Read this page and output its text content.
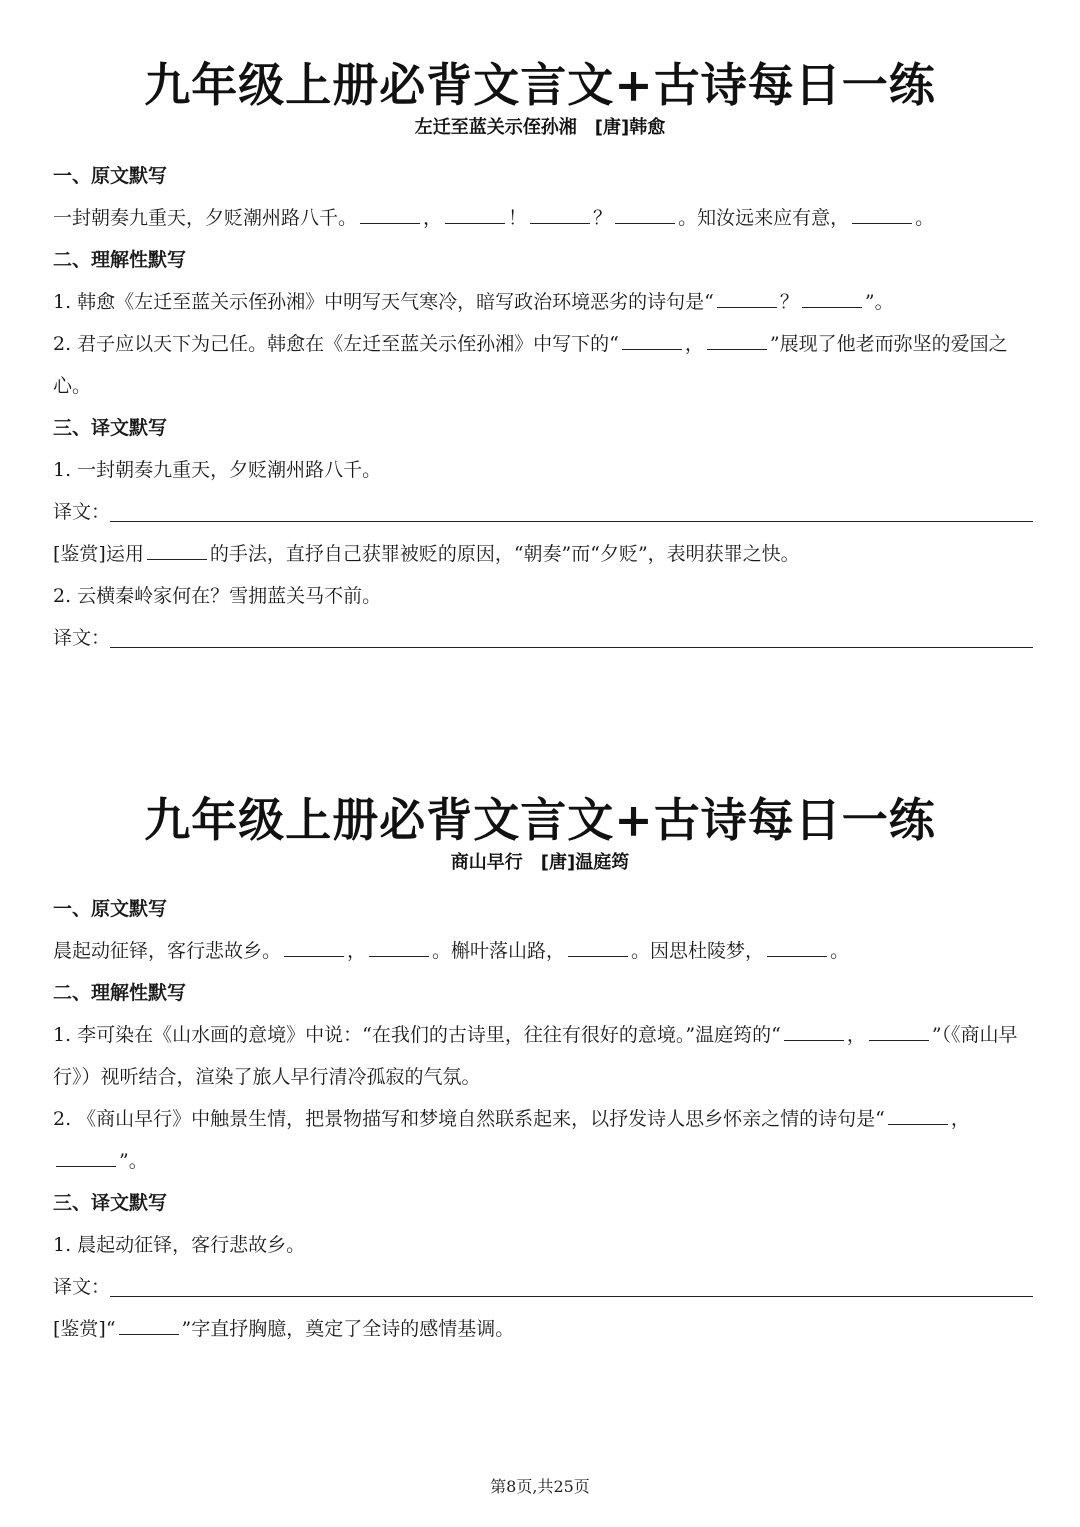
九年级上册必背文言文+古诗每日一练
左迁至蓝关示侄孙湘　[唐]韩愈
一、原文默写
一封朝奏九重天，夕贬潮州路八千。	，	！	？	。知汝远来应有意，	。
二、理解性默写
1. 韩愈《左迁至蓝关示侄孙湘》中明写天气寒冷，暗写政治环境恶劣的诗句是“	？	”。
2. 君子应以天下为己任。韩愈在《左迁至蓝关示侄孙湘》中写下的“	，	”展现了他老而弥坚的爱国之心。
三、译文默写
1. 一封朝奏九重天，夕贬潮州路八千。
译文：
[鉴赏]运用	的手法，直抒自己获罪被贬的原因，“朝奏”而“夕贬”，表明获罪之快。
2. 云横秦岭家何在？雪拥蓝关马不前。
译文：
九年级上册必背文言文+古诗每日一练
商山早行　[唐]温庭筠
一、原文默写
晨起动征铎，客行悲故乡。	，	。槲叶落山路，	。因思杜陵梦，	。
二、理解性默写
1. 李可染在《山水画的意境》中说：“在我们的古诗里，往往有很好的意境。”温庭筠的“	，	”（《商山早行》）视听结合，渲染了旅人早行清冷孤寂的气氛。
2. 《商山早行》中触景生情，把景物描写和梦境自然联系起来，以抒发诗人思乡怀亲之情的诗句是“	，”。
三、译文默写
1. 晨起动征铎，客行悲故乡。
译文：
[鉴赏]“	”字直抒胸臆，奠定了全诗的感情基调。
第8页,共25页
